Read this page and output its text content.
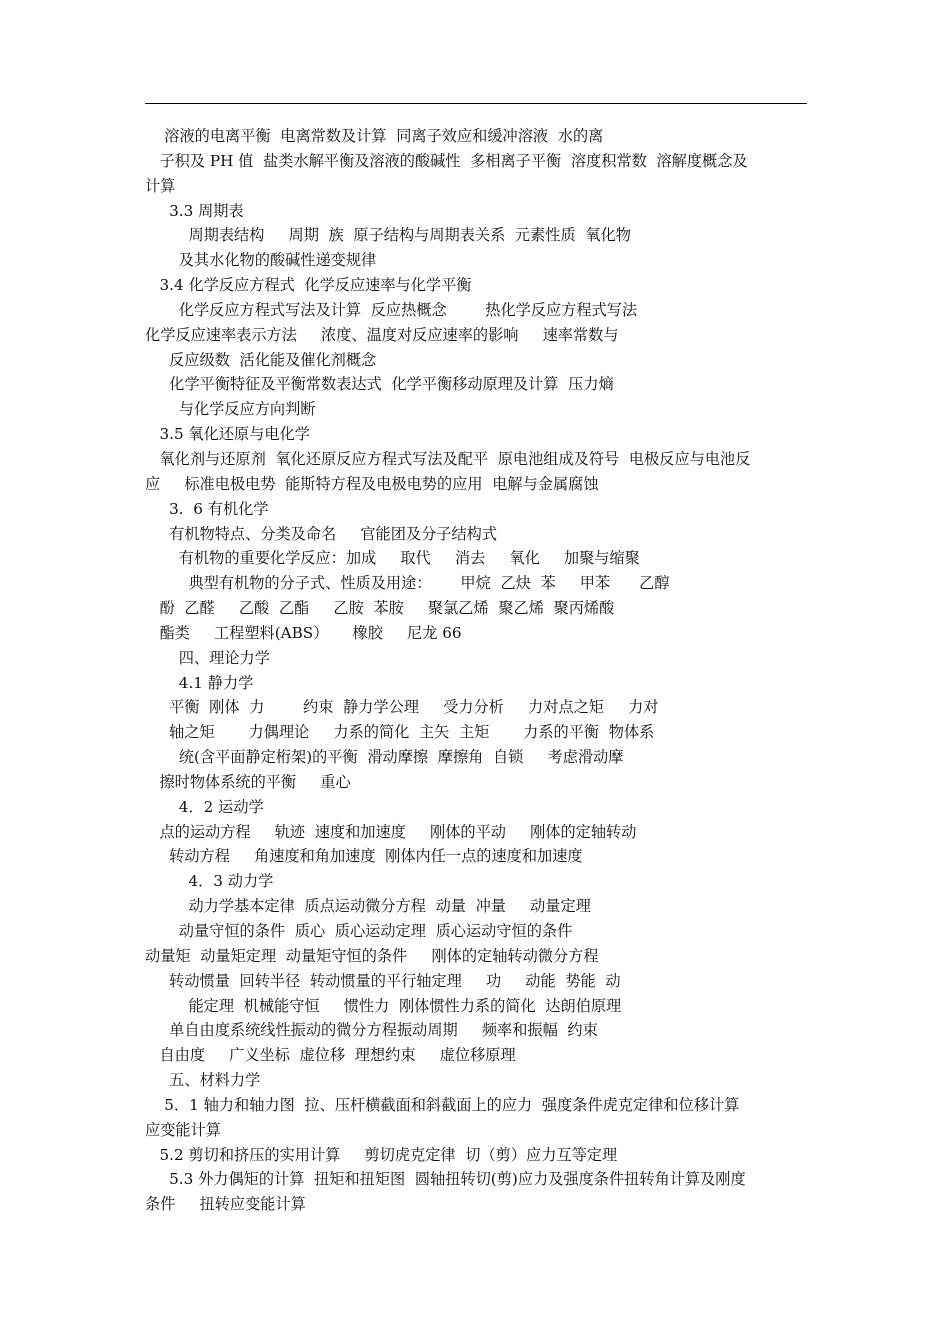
溶液的电离平衡  电离常数及计算  同离子效应和缓冲溶液  水的离
子积及 PH 值  盐类水解平衡及溶液的酸碱性  多相离子平衡  溶度积常数  溶解度概念及
计算
3.3 周期表
周期表结构     周期  族  原子结构与周期表关系  元素性质  氧化物
及其水化物的酸碱性递变规律
3.4 化学反应方程式  化学反应速率与化学平衡
化学反应方程式写法及计算  反应热概念        热化学反应方程式写法
化学反应速率表示方法     浓度、温度对反应速率的影响     速率常数与
反应级数  活化能及催化剂概念
化学平衡特征及平衡常数表达式  化学平衡移动原理及计算  压力熵
与化学反应方向判断
3.5 氧化还原与电化学
氧化剂与还原剂  氧化还原反应方程式写法及配平  原电池组成及符号  电极反应与电池反
应     标准电极电势  能斯特方程及电极电势的应用  电解与金属腐蚀
3.  6 有机化学
有机物特点、分类及命名     官能团及分子结构式
有机物的重要化学反应：加成     取代     消去     氧化     加聚与缩聚
典型有机物的分子式、性质及用途：      甲烷  乙炔  苯     甲苯      乙醇
酚  乙醛     乙酸  乙酯     乙胺  苯胺     聚氯乙烯  聚乙烯  聚丙烯酸
酯类     工程塑料(ABS）     橡胶     尼龙 66
四、理论力学
4.1 静力学
平衡  刚体  力        约束  静力学公理     受力分析     力对点之矩     力对
轴之矩       力偶理论     力系的简化  主矢  主矩       力系的平衡  物体系
统(含平面静定桁架)的平衡  滑动摩擦  摩擦角  自锁     考虑滑动摩
擦时物体系统的平衡     重心
4．2 运动学
点的运动方程     轨迹  速度和加速度     刚体的平动     刚体的定轴转动
转动方程     角速度和角加速度  刚体内任一点的速度和加速度
4．3 动力学
动力学基本定律  质点运动微分方程  动量  冲量     动量定理
动量守恒的条件  质心  质心运动定理  质心运动守恒的条件
动量矩  动量矩定理  动量矩守恒的条件     刚体的定轴转动微分方程
转动惯量  回转半径  转动惯量的平行轴定理     功     动能  势能  动
能定理  机械能守恒     惯性力  刚体惯性力系的简化  达朗伯原理
单自由度系统线性振动的微分方程振动周期     频率和振幅  约束
自由度     广义坐标  虚位移  理想约束     虚位移原理
五、材料力学
5．1 轴力和轴力图  拉、压杆横截面和斜截面上的应力  强度条件虎克定律和位移计算
应变能计算
5.2 剪切和挤压的实用计算     剪切虎克定律  切（剪）应力互等定理
5.3 外力偶矩的计算  扭矩和扭矩图  圆轴扭转切(剪)应力及强度条件扭转角计算及刚度
条件     扭转应变能计算
